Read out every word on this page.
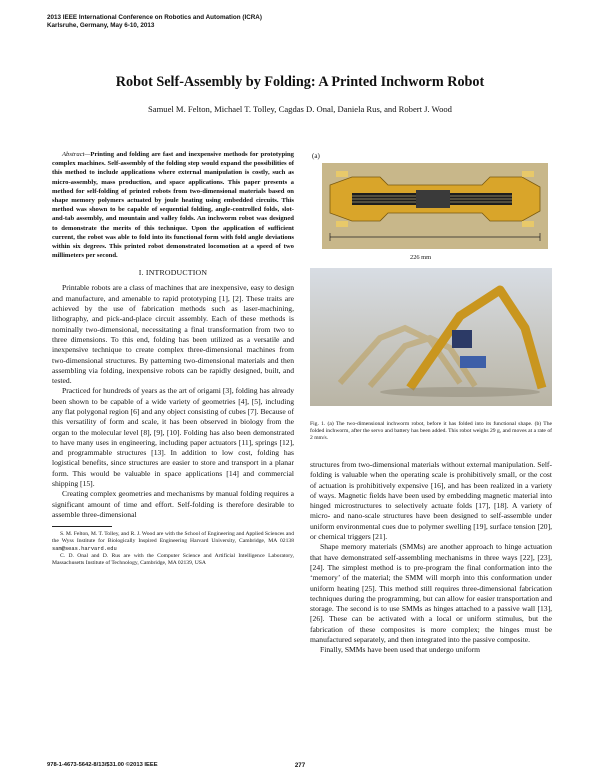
2013 IEEE International Conference on Robotics and Automation (ICRA)
Karlsruhe, Germany, May 6-10, 2013
Robot Self-Assembly by Folding: A Printed Inchworm Robot
Samuel M. Felton, Michael T. Tolley, Cagdas D. Onal, Daniela Rus, and Robert J. Wood

Abstract—Printing and folding are fast and inexpensive methods for prototyping complex machines. Self-assembly of the folding step would expand the possibilities of this method to include applications where external manipulation is costly, such as micro-assembly, mass production, and space applications. This paper presents a method for self-folding of printed robots from two-dimensional materials based on shape memory polymers actuated by joule heating using embedded circuits. This method was shown to be capable of sequential folding, angle-controlled folds, slot-and-tab assembly, and mountain and valley folds. An inchworm robot was designed to demonstrate the merits of this technique. Upon the application of sufficient current, the robot was able to fold into its functional form with fold angle deviations within six degrees. This printed robot demonstrated locomotion at a speed of two millimeters per second.

I. INTRODUCTION

Printable robots are a class of machines that are inexpensive, easy to design and manufacture, and amenable to rapid prototyping [1], [2]. These traits are achieved by the use of fabrication methods such as laser-machining, lithography, and pick-and-place circuit assembly. Each of these methods is nominally two-dimensional, necessitating a final transformation from two to three dimensions. To this end, folding has been utilized as a versatile and inexpensive technique to create complex three-dimensional machines from two-dimensional structures. By patterning two-dimensional materials and then assembling via folding, inexpensive robots can be rapidly designed, built, and tested.

Practiced for hundreds of years as the art of origami [3], folding has already been shown to be capable of a wide variety of geometries [4], [5], including any flat polygonal region [6] and any object consisting of cubes [7]. Because of this versatility of form and scale, it has been observed in biology from the organ to the molecular level [8], [9], [10]. Folding has also been demonstrated to have many uses in engineering, including paper actuators [11], springs [12], and programmable structures [13]. In addition to low cost, folding has logistical benefits, since structures are easier to store and transport in a planar form. This would be valuable in space applications [14] and commercial shipping [15].

Creating complex geometries and mechanisms by manual folding requires a significant amount of time and effort. Self-folding is therefore desirable to assemble three-dimensional

S. M. Felton, M. T. Tolley, and R. J. Wood are with the School of Engineering and Applied Sciences and the Wyss Institute for Biologically Inspired Engineering Harvard University, Cambridge, MA 02138 sam@seas.harvard.edu

C. D. Onal and D. Rus are with the Computer Science and Artificial Intelligence Laboratory, Massachusetts Institute of Technology, Cambridge, MA 02139, USA

(a)
226 mm
Fig. 1. (a) The two-dimensional inchworm robot, before it has folded into its functional shape. (b) The folded inchworm, after the servo and battery has been added. This robot weighs 29 g, and moves at a rate of 2 mm/s.

structures from two-dimensional materials without external manipulation. Self-folding is valuable when the operating scale is prohibitively small, or the cost of actuation is prohibitively expensive [16], and has been realized in a variety of ways. Magnetic fields have been used by embedding magnetic material into hinged microstructures to selectively actuate folds [17], [18]. A variety of micro- and nano-scale structures have been designed to self-assemble under uniform environmental cues due to polymer swelling [19], surface tension [20], or chemical triggers [21].

Shape memory materials (SMMs) are another approach to hinge actuation that have demonstrated self-assembling mechanisms in three ways [22], [23], [24]. The simplest method is to pre-program the final conformation into the ‘memory’ of the material; the SMM will morph into this conformation under uniform heating [25]. This method still requires three-dimensional fabrication techniques during the programming, but can allow for easier transportation and storage. The second is to use SMMs as hinges attached to a passive wall [13], [26]. These can be activated with a local or uniform stimulus, but the fabrication of these composites is more complex; the hinges must be manufactured separately, and then integrated into the passive composite.

Finally, SMMs have been used that undergo uniform

978-1-4673-5642-8/13/$31.00 ©2013 IEEE	277
